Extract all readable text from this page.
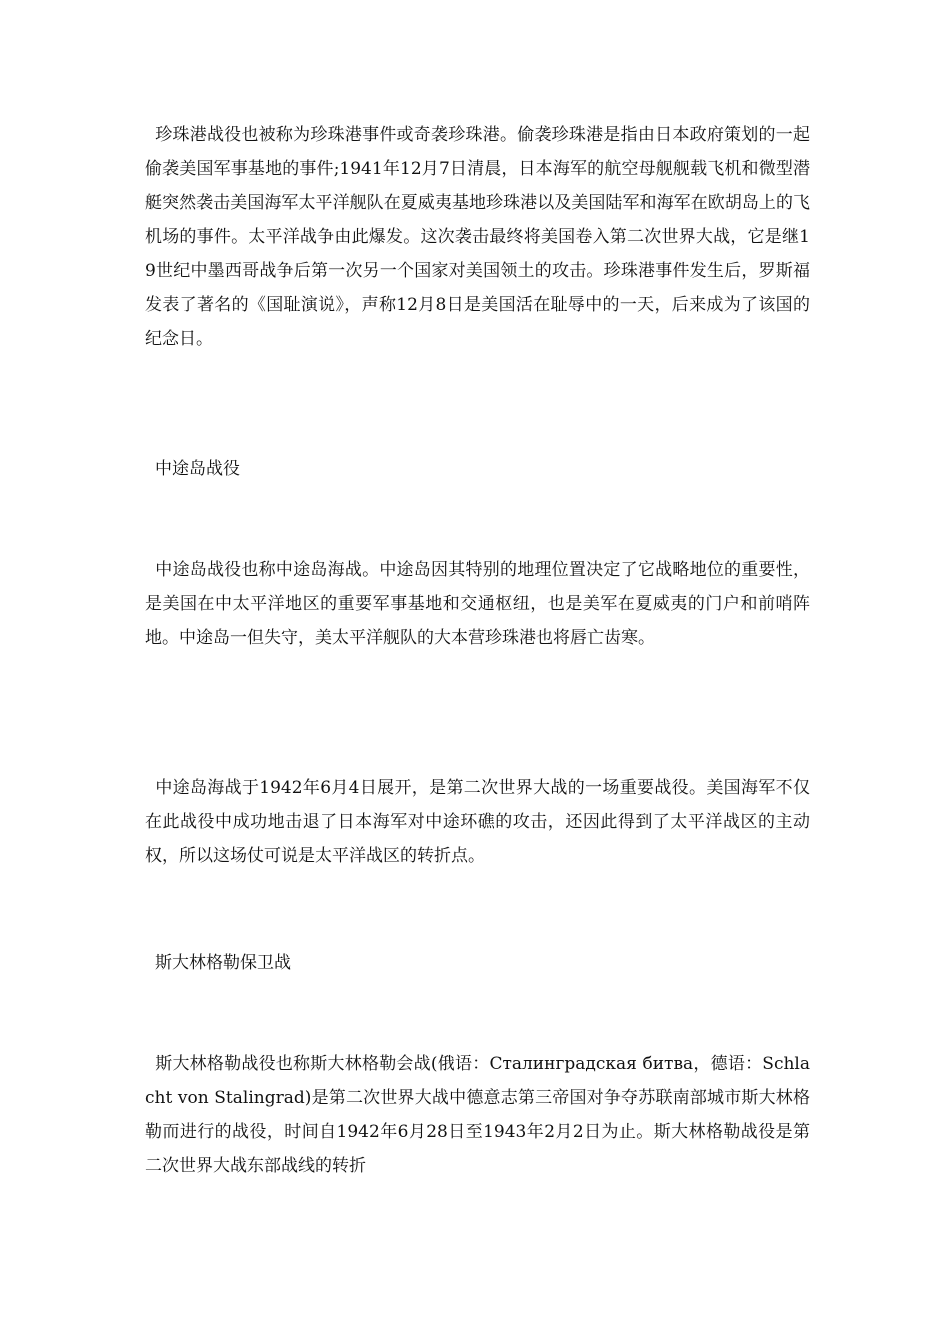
珍珠港战役也被称为珍珠港事件或奇袭珍珠港。偷袭珍珠港是指由日本政府策划的一起偷袭美国军事基地的事件;1941年12月7日清晨，日本海军的航空母舰舰载飞机和微型潜艇突然袭击美国海军太平洋舰队在夏威夷基地珍珠港以及美国陆军和海军在欧胡岛上的飞机场的事件。太平洋战争由此爆发。这次袭击最终将美国卷入第二次世界大战，它是继19世纪中墨西哥战争后第一次另一个国家对美国领土的攻击。珍珠港事件发生后，罗斯福发表了著名的《国耻演说》，声称12月8日是美国活在耻辱中的一天，后来成为了该国的纪念日。

中途岛战役

中途岛战役也称中途岛海战。中途岛因其特别的地理位置决定了它战略地位的重要性，是美国在中太平洋地区的重要军事基地和交通枢纽，也是美军在夏威夷的门户和前哨阵地。中途岛一但失守，美太平洋舰队的大本营珍珠港也将唇亡齿寒。

中途岛海战于1942年6月4日展开，是第二次世界大战的一场重要战役。美国海军不仅在此战役中成功地击退了日本海军对中途环礁的攻击，还因此得到了太平洋战区的主动权，所以这场仗可说是太平洋战区的转折点。

斯大林格勒保卫战

斯大林格勒战役也称斯大林格勒会战(俄语：Сталинградская битва，德语：Schlacht von Stalingrad)是第二次世界大战中德意志第三帝国对争夺苏联南部城市斯大林格勒而进行的战役，时间自1942年6月28日至1943年2月2日为止。斯大林格勒战役是第二次世界大战东部战线的转折
